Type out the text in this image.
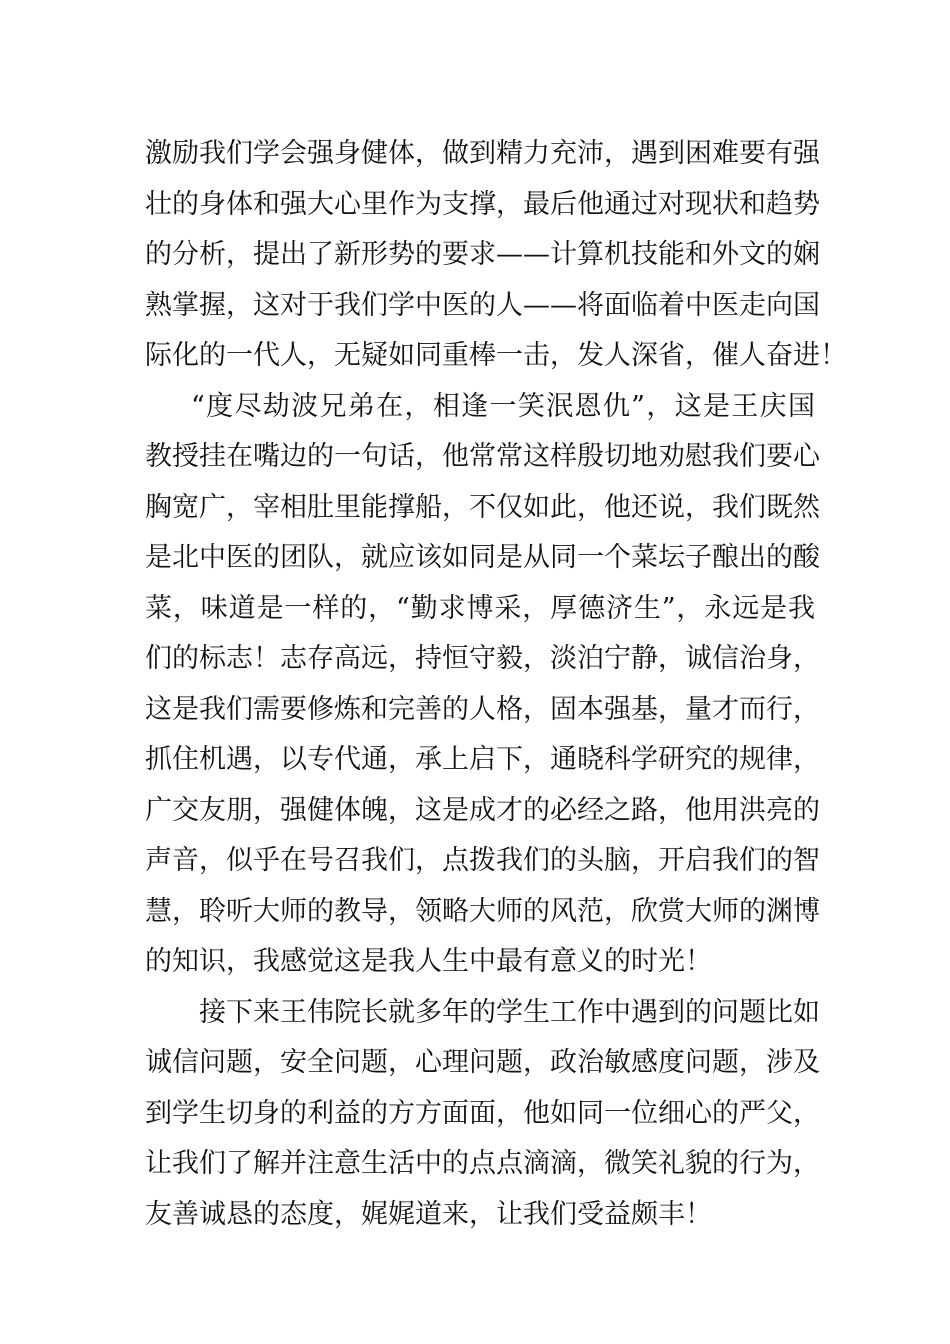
激励我们学会强身健体，做到精力充沛，遇到困难要有强
壮的身体和强大心里作为支撑，最后他通过对现状和趋势
的分析，提出了新形势的要求——计算机技能和外文的娴
熟掌握，这对于我们学中医的人——将面临着中医走向国
际化的一代人，无疑如同重棒一击，发人深省，催人奋进！
“度尽劫波兄弟在，相逢一笑泯恩仇”，这是王庆国
教授挂在嘴边的一句话，他常常这样殷切地劝慰我们要心
胸宽广，宰相肚里能撑船，不仅如此，他还说，我们既然
是北中医的团队，就应该如同是从同一个菜坛子酿出的酸
菜，味道是一样的，“勤求博采，厚德济生”，永远是我
们的标志！志存高远，持恒守毅，淡泊宁静，诚信治身，
这是我们需要修炼和完善的人格，固本强基，量才而行，
抓住机遇，以专代通，承上启下，通晓科学研究的规律，
广交友朋，强健体魄，这是成才的必经之路，他用洪亮的
声音，似乎在号召我们，点拨我们的头脑，开启我们的智
慧，聆听大师的教导，领略大师的风范，欣赏大师的渊博
的知识，我感觉这是我人生中最有意义的时光！
接下来王伟院长就多年的学生工作中遇到的问题比如
诚信问题，安全问题，心理问题，政治敏感度问题，涉及
到学生切身的利益的方方面面，他如同一位细心的严父，
让我们了解并注意生活中的点点滴滴，微笑礼貌的行为，
友善诚恳的态度，娓娓道来，让我们受益颇丰！
